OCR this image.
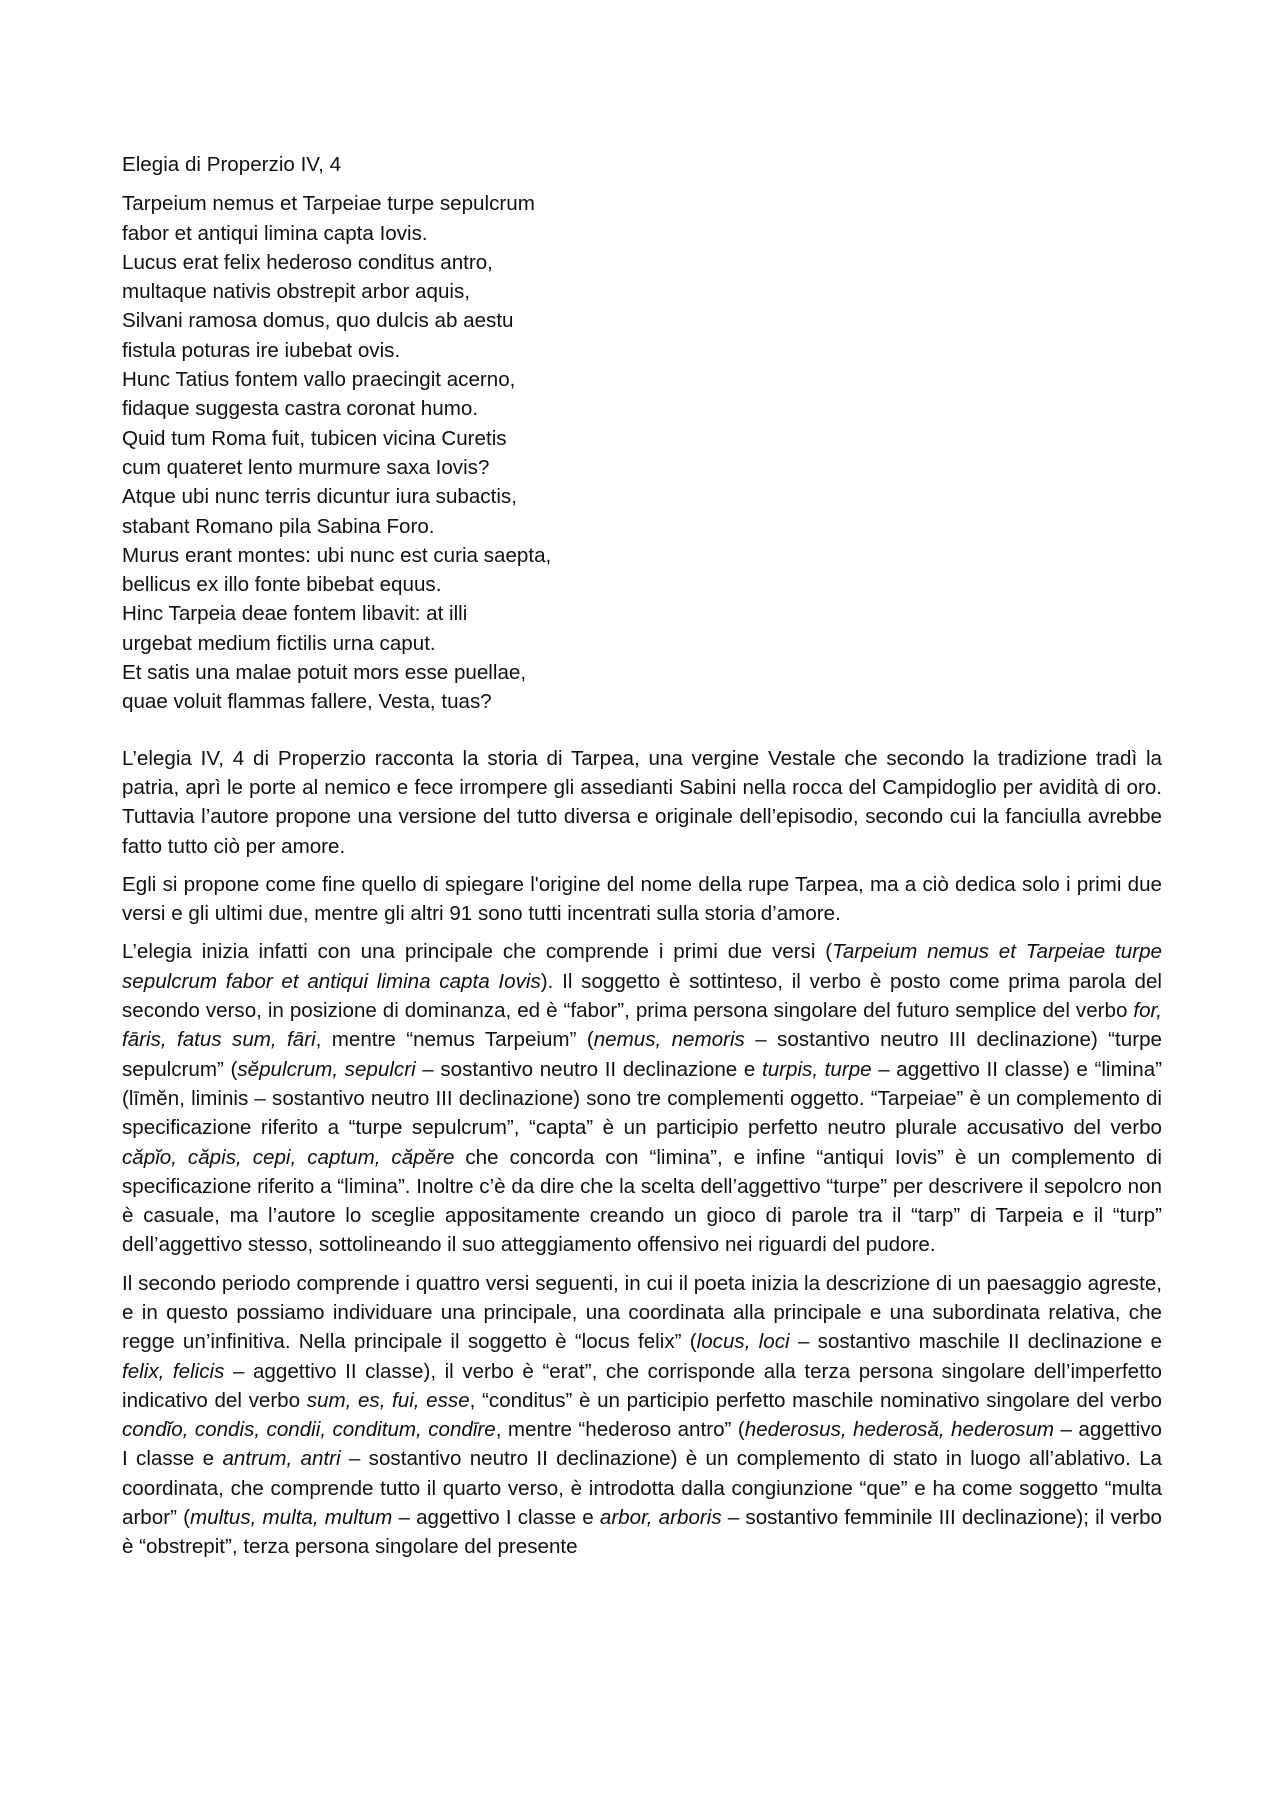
Elegia di Properzio IV, 4
Tarpeium nemus et Tarpeiae turpe sepulcrum
fabor et antiqui limina capta Iovis.
Lucus erat felix hederoso conditus antro,
multaque nativis obstrepit arbor aquis,
Silvani ramosa domus, quo dulcis ab aestu
fistula poturas ire iubebat ovis.
Hunc Tatius fontem vallo praecingit acerno,
fidaque suggesta castra coronat humo.
Quid tum Roma fuit, tubicen vicina Curetis
cum quateret lento murmure saxa Iovis?
Atque ubi nunc terris dicuntur iura subactis,
stabant Romano pila Sabina Foro.
Murus erant montes: ubi nunc est curia saepta,
bellicus ex illo fonte bibebat equus.
Hinc Tarpeia deae fontem libavit: at illi
urgebat medium fictilis urna caput.
Et satis una malae potuit mors esse puellae,
quae voluit flammas fallere, Vesta, tuas?

L’elegia IV, 4 di Properzio racconta la storia di Tarpea, una vergine Vestale che secondo la tradizione tradì la patria, aprì le porte al nemico e fece irrompere gli assedianti Sabini nella rocca del Campidoglio per avidità di oro. Tuttavia l’autore propone una versione del tutto diversa e originale dell’episodio, secondo cui la fanciulla avrebbe fatto tutto ciò per amore.

Egli si propone come fine quello di spiegare l'origine del nome della rupe Tarpea, ma a ciò dedica solo i primi due versi e gli ultimi due, mentre gli altri 91 sono tutti incentrati sulla storia d’amore.

L’elegia inizia infatti con una principale che comprende i primi due versi (Tarpeium nemus et Tarpeiae turpe sepulcrum fabor et antiqui limina capta Iovis). Il soggetto è sottinteso, il verbo è posto come prima parola del secondo verso, in posizione di dominanza, ed è “fabor”, prima persona singolare del futuro semplice del verbo for, fāris, fatus sum, fāri, mentre “nemus Tarpeium” (nemus, nemoris – sostantivo neutro III declinazione) “turpe sepulcrum” (sĕpulcrum, sepulcri – sostantivo neutro II declinazione e turpis, turpe – aggettivo II classe) e “limina” (līmĕn, liminis – sostantivo neutro III declinazione) sono tre complementi oggetto. “Tarpeiae” è un complemento di specificazione riferito a “turpe sepulcrum”, “capta” è un participio perfetto neutro plurale accusativo del verbo căpĭo, căpis, cepi, captum, căpĕre che concorda con “limina”, e infine “antiqui Iovis” è un complemento di specificazione riferito a “limina”. Inoltre c’è da dire che la scelta dell’aggettivo “turpe” per descrivere il sepolcro non è casuale, ma l’autore lo sceglie appositamente creando un gioco di parole tra il “tarp” di Tarpeia e il “turp” dell’aggettivo stesso, sottolineando il suo atteggiamento offensivo nei riguardi del pudore.

Il secondo periodo comprende i quattro versi seguenti, in cui il poeta inizia la descrizione di un paesaggio agreste, e in questo possiamo individuare una principale, una coordinata alla principale e una subordinata relativa, che regge un’infinitiva. Nella principale il soggetto è “locus felix” (locus, loci – sostantivo maschile II declinazione e felix, felicis – aggettivo II classe), il verbo è “erat”, che corrisponde alla terza persona singolare dell’imperfetto indicativo del verbo sum, es, fui, esse, “conditus” è un participio perfetto maschile nominativo singolare del verbo condĭo, condis, condii, conditum, condīre, mentre “hederoso antro” (hederosus, hederosă, hederosum – aggettivo I classe e antrum, antri – sostantivo neutro II declinazione) è un complemento di stato in luogo all’ablativo. La coordinata, che comprende tutto il quarto verso, è introdotta dalla congiunzione “que” e ha come soggetto “multa arbor” (multus, multa, multum – aggettivo I classe e arbor, arboris – sostantivo femminile III declinazione); il verbo è “obstrepit”, terza persona singolare del presente
